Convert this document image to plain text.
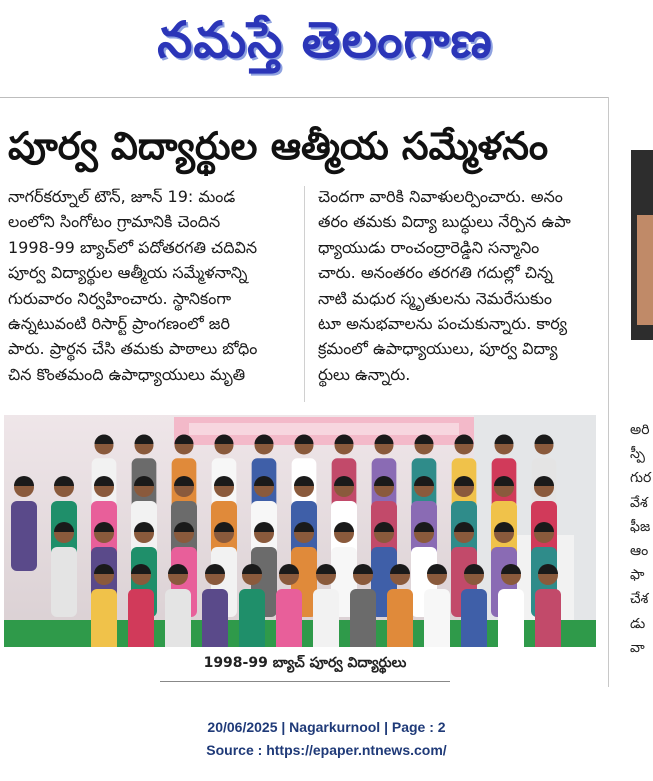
నమస్తే తెలంగాణ
పూర్వ విద్యార్థుల ఆత్మీయ సమ్మేళనం
నాగర్‌కర్నూల్ టౌన్, జూన్ 19: మండ
లంలోని సింగోటం గ్రామానికి చెందిన
1998-99 బ్యాచ్‌లో పదోతరగతి చదివిన
పూర్వ విద్యార్థుల ఆత్మీయ సమ్మేళనాన్ని
గురువారం నిర్వహించారు. స్థానికంగా
ఉన్నటువంటి రిసార్ట్ ప్రాంగణంలో జరి
పారు. ప్రార్థన చేసి తమకు పాఠాలు బోధిం
చిన కొంతమంది ఉపాధ్యాయులు మృతి
చెందగా వారికి నివాళులర్పించారు. అనం
తరం తమకు విద్యా బుద్ధులు నేర్పిన ఉపా
ధ్యాయుడు రాంచంద్రారెడ్డిని సన్మానిం
చారు. అనంతరం తరగతి గదుల్లో చిన్న
నాటి మధుర స్మృతులను నెమరేసుకుం
టూ అనుభవాలను పంచుకున్నారు. కార్య
క్రమంలో ఉపాధ్యాయులు, పూర్వ విద్యా
ర్థులు ఉన్నారు.
1998-99 బ్యాచ్ పూర్వ విద్యార్థులు
అరి
స్పీ
గుర
వేశ
ఫీజ
ఆం
ఫా
చేశ
డు
వా
20/06/2025 | Nagarkurnool | Page : 2
Source : https://epaper.ntnews.com/
